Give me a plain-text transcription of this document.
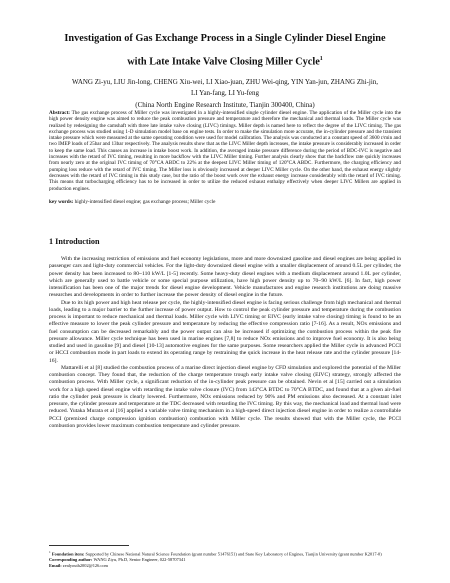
Investigation of Gas Exchange Process in a Single Cylinder Diesel Engine
with Late Intake Valve Closing Miller Cycle$^1$
WANG Zi-yu, LIU Jin-long, CHENG Xiu-wei, LI Xiao-juan, ZHU Wei-qing, YIN Yan-jun, ZHANG Zhi-jin,
LI Yan-fang, LI Yu-feng
(China North Engine Research Institute, Tianjin 300400, China)
Abstract: The gas exchange process of Miller cycle was investigated in a highly-intensified single cylinder diesel engine. The application of the Miller cycle into the high power density engine was aimed to reduce the peak combustion pressure and temperature and therefore the mechanical and thermal loads. The Miller cycle was realized by redesigning the camshaft with three late intake valve closing (LIVC) timings. Miller depth is named here to reflect the degree of the LIVC timing. The gas exchange process was studied using 1-D simulation model base on engine tests. In order to make the simulation more accurate, the in-cylinder pressure and the transient intake pressure which were measured at the same operating condition were used for model calibration. The analysis was conducted at a constant speed of 3600 r/min and two IMEP loads of 25bar and 13bar respectively. The analysis results show that as the LIVC Miller depth increases, the intake pressure is considerably increased in order to keep the same load. This causes an increase in intake boost work. In addition, the averaged intake pressure difference during the period of BDC-IVC is negative and increases with the retard of IVC timing, resulting in more backflow with the LIVC Miller timing. Further analysis clearly show that the backflow rate quickly increases from nearly zero at the original IVC timing of 70°CA ABDC to 22% at the deepest LIVC Miller timing of 120°CA ABDC. Furthermore, the charging efficiency and pumping loss reduce with the retard of IVC timing. The Miller loss is obviously increased at deeper LIVC Miller cycle. On the other hand, the exhaust energy slightly decreases with the retard of IVC timing in this study case, but the ratio of the boost work over the exhaust energy increase considerably with the retard of IVC timing. This means that turbocharging efficiency has to be increased in order to utilize the reduced exhaust enthalpy effectively when deeper LIVC Millers are applied in production engines.
key words: highly-intensified diesel engine; gas exchange process; Miller cycle
1 Introduction

With the increasing restriction of emissions and fuel economy legislations, more and more downsized gasoline and diesel engines are being applied in passenger cars and light-duty commercial vehicles. For the light-duty downsized diesel engine with a smaller displacement of around 0.5L per cylinder, the power density has been increased to 80~110 kW/L [1-5] recently. Some heavy-duty diesel engines with a medium displacement around 1.0L per cylinder, which are generally used to battle vehicle or some special purpose utilization, have high power density up to 70~90 kW/L [6]. In fact, high power intensification has been one of the major trends for diesel engine development. Vehicle manufactures and engine research institutions are doing massive researches and developments in order to further increase the power density of diesel engine in the future.

Due to its high power and high heat release per cycle, the highly-intensified diesel engine is facing serious challenge from high mechanical and thermal loads, leading to a major barrier to the further increase of power output. How to control the peak cylinder pressure and temperature during the combustion process is important to reduce mechanical and thermal loads. Miller cycle with LIVC timing or EIVC (early intake valve closing) timing is found to be an effective measure to lower the peak cylinder pressure and temperature by reducing the effective compression ratio [7-16]. As a result, NOx emissions and fuel consumption can be decreased remarkably and the power output can also be increased if optimizing the combustion process within the peak fire pressure allowance. Miller cycle technique has been used in marine engines [7,8] to reduce NOx emissions and to improve fuel economy. It is also being studied and used in gasoline [9] and diesel [10-13] automotive engines for the same purposes. Some researchers applied the Miller cycle in advanced PCCI or HCCI combustion mode in part loads to extend its operating range by restraining the quick increase in the heat release rate and the cylinder pressure [14-16].

Mattarelli et al [8] studied the combustion process of a marine direct injection diesel engine by CFD simulation and explored the potential of the Miller combustion concept. They found that, the reduction of the charge temperature trough early intake valve closing (EIVC) strategy, strongly affected the combustion process. With Miller cycle, a significant reduction of the in-cylinder peak pressure can be obtained. Nevin et al [15] carried out a simulation work for a high speed diesel engine with retarding the intake valve closure (IVC) from 143°CA BTDC to 70°CA BTDC, and found that at a given air-fuel ratio the cylinder peak pressure is clearly lowered. Furthermore, NOx emissions reduced by 90% and PM emissions also decreased. At a constant inlet pressure, the cylinder pressure and temperature at the TDC decreased with retarding the IVC timing. By this way, the mechanical load and thermal load were reduced. Yutaka Murata et al [16] applied a variable valve timing mechanism in a high-speed direct injection diesel engine in order to realize a controllable PCCI (premixed charge compression ignition combustion) combustion with Miller cycle. The results showed that with the Miller cycle, the PCCI combustion provides lower maximum combustion temperature and cylinder pressure.

$^1$ Foundation item: Supported by Chinese National Natural Science Foundation (grant number 51476151) and State Key Laboratory of Engines, Tianjin University (grant number K2017-0)
Corresponding author: WANG Ziyu, Ph.D, Senior Engineer, 022-58707341
Email: zealyouth2002@126.com
